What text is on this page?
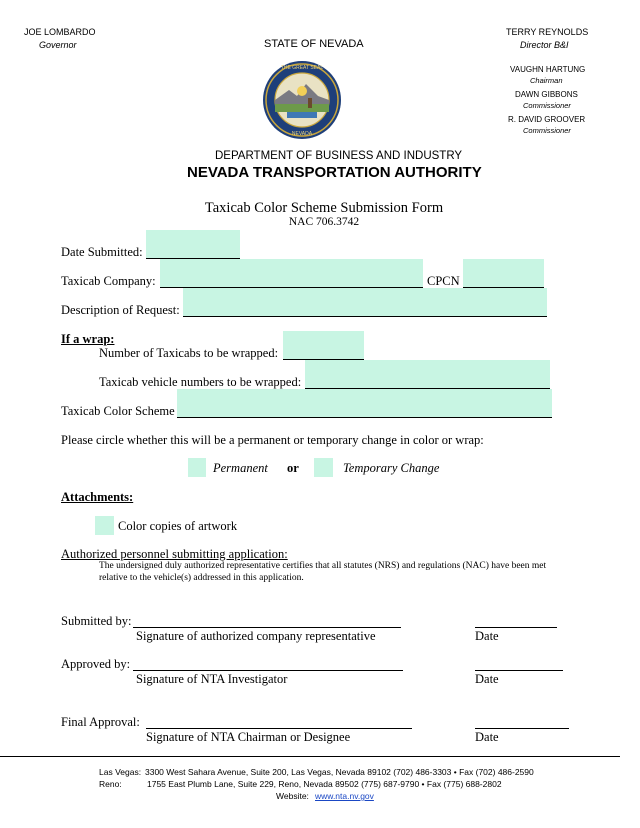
JOE LOMBARDO
Governor	STATE OF NEVADA
TERRY REYNOLDS
Director B&I
VAUGHN HARTUNG
Chairman
DAWN GIBBONS
Commissioner
R. DAVID GROOVER
Commissioner
THE GREAT SEAL
NEVADA
DEPARTMENT OF BUSINESS AND INDUSTRY
NEVADA TRANSPORTATION AUTHORITY
Taxicab Color Scheme Submission Form
NAC 706.3742
Date Submitted:
Taxicab Company:	CPCN
Description of Request:
If a wrap:
Number of Taxicabs to be wrapped:
Taxicab vehicle numbers to be wrapped:
Taxicab Color Scheme
Please circle whether this will be a permanent or temporary change in color or wrap:
Permanent or	Temporary Change
Attachments:
Color copies of artwork
Authorized personnel submitting application:
The undersigned duly authorized representative certifies that all statutes (NRS) and regulations (NAC) have been met
relative to the vehicle(s) addressed in this application.
Submitted by:
Signature of authorized company representative	Date
Approved by:
Signature of NTA Investigator	Date
Final Approval:
Signature of NTA Chairman or Designee	Date
Las Vegas: 3300 West Sahara Avenue, Suite 200, Las Vegas, Nevada 89102 (702) 486-3303 • Fax (702) 486-2590
Reno:	1755 East Plumb Lane, Suite 229, Reno, Nevada 89502 (775) 687-9790 • Fax (775) 688-2802
Website: www.nta.nv.gov
